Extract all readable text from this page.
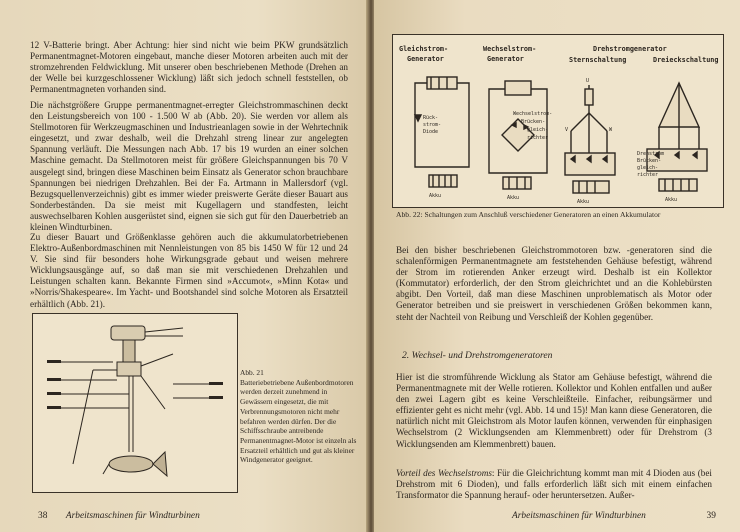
12 V-Batterie bringt. Aber Achtung: hier sind nicht wie beim PKW grundsätzlich Permanentmagnet-Motoren eingebaut, manche dieser Motoren arbeiten auch mit der stromzehrenden Feldwicklung. Mit unserer oben beschriebenen Methode (Drehen an der Welle bei kurzgeschlossener Wicklung) läßt sich jedoch schnell feststellen, ob Permanentmagneten vorhanden sind.

Die nächstgrößere Gruppe permanentmagnet-erregter Gleichstrommaschinen deckt den Leistungsbereich von 100 - 1.500 W ab (Abb. 20). Sie werden vor allem als Stellmotoren für Werkzeugmaschinen und Industrieanlagen sowie in der Wehrtechnik eingesetzt, und zwar deshalb, weil die Drehzahl streng linear zur angelegten Spannung verläuft. Die Messungen nach Abb. 17 bis 19 wurden an einer solchen Maschine gemacht. Da Stellmotoren meist für größere Gleichspannungen bis 70 V ausgelegt sind, bringen diese Maschinen beim Einsatz als Generator schon brauchbare Spannungen bei niedrigen Drehzahlen. Bei der Fa. Artmann in Mallersdorf (vgl. Bezugsquellenverzeichnis) gibt es immer wieder preiswerte Geräte dieser Bauart aus Sonderbeständen. Da sie meist mit Kugellagern und standfesten, leicht auswechselbaren Kohlen ausgerüstet sind, eignen sie sich gut für den Dauerbetrieb an kleinen Windturbinen.

Zu dieser Bauart und Größenklasse gehören auch die akkumulatorbetriebenen Elektro-Außenbordmaschinen mit Nennleistungen von 85 bis 1450 W für 12 und 24 V. Sie sind für besonders hohe Wirkungsgrade gebaut und weisen mehrere Wicklungsausgänge auf, so daß man sie mit verschiedenen Drehzahlen und Leistungen schalten kann. Bekannte Firmen sind »Accumot«, »Minn Kota« und »Norris/Shakespeare«. Im Yacht- und Bootshandel sind solche Motoren als Ersatzteil erhältlich (Abb. 21).

Abb. 21
Batteriebetriebene Außenbordmotoren werden derzeit zunehmend in Gewässern eingesetzt, die mit Verbrennungsmotoren nicht mehr befahren werden dürfen. Der die Schiffsschraube antreibende Permanentmagnet-Motor ist einzeln als Ersatzteil erhältlich und gut als kleiner Windgenerator geeignet.
38 Arbeitsmaschinen für Windturbinen
Gleichstrom-
Generator
Wechselstrom-
Generator
Drehstromgenerator
Sternschaltung	Dreieckschaltung
Rück-
strom-
Diode
Akku
Wechselstrom-
Brücken-
gleich-
richter
Akku
U
V	W
Akku
Drehstrom
Brücken-
gleich-
richter
Akku
Abb. 22: Schaltungen zum Anschluß verschiedener Generatoren an einen Akkumulator

Bei den bisher beschriebenen Gleichstrommotoren bzw. -generatoren sind die schalenförmigen Permanentmagnete am feststehenden Gehäuse befestigt, während der Strom im rotierenden Anker erzeugt wird. Deshalb ist ein Kollektor (Kommutator) erforderlich, der den Strom gleichrichtet und an die Kohlebürsten abgibt. Den Vorteil, daß man diese Maschinen unproblematisch als Motor oder Generator betreiben und sie preiswert in verschiedenen Größen bekommen kann, steht der Nachteil von Reibung und Verschleiß der Kohlen gegenüber.

2. Wechsel- und Drehstromgeneratoren

Hier ist die stromführende Wicklung als Stator am Gehäuse befestigt, während die Permanentmagnete mit der Welle rotieren. Kollektor und Kohlen entfallen und außer den zwei Lagern gibt es keine Verschleißteile. Einfacher, reibungsärmer und effizienter geht es nicht mehr (vgl. Abb. 14 und 15)! Man kann diese Generatoren, die natürlich nicht mit Gleichstrom als Motor laufen können, verwenden für einphasigen Wechselstrom (2 Wicklungsenden am Klemmenbrett) oder für Drehstrom (3 Wicklungsenden am Klemmenbrett) bauen.

Vorteil des Wechselstroms: Für die Gleichrichtung kommt man mit 4 Dioden aus (bei Drehstrom mit 6 Dioden), und falls erforderlich läßt sich mit einem einfachen Transformator die Spannung herauf- oder heruntersetzen. Außer-

Arbeitsmaschinen für Windturbinen	39
